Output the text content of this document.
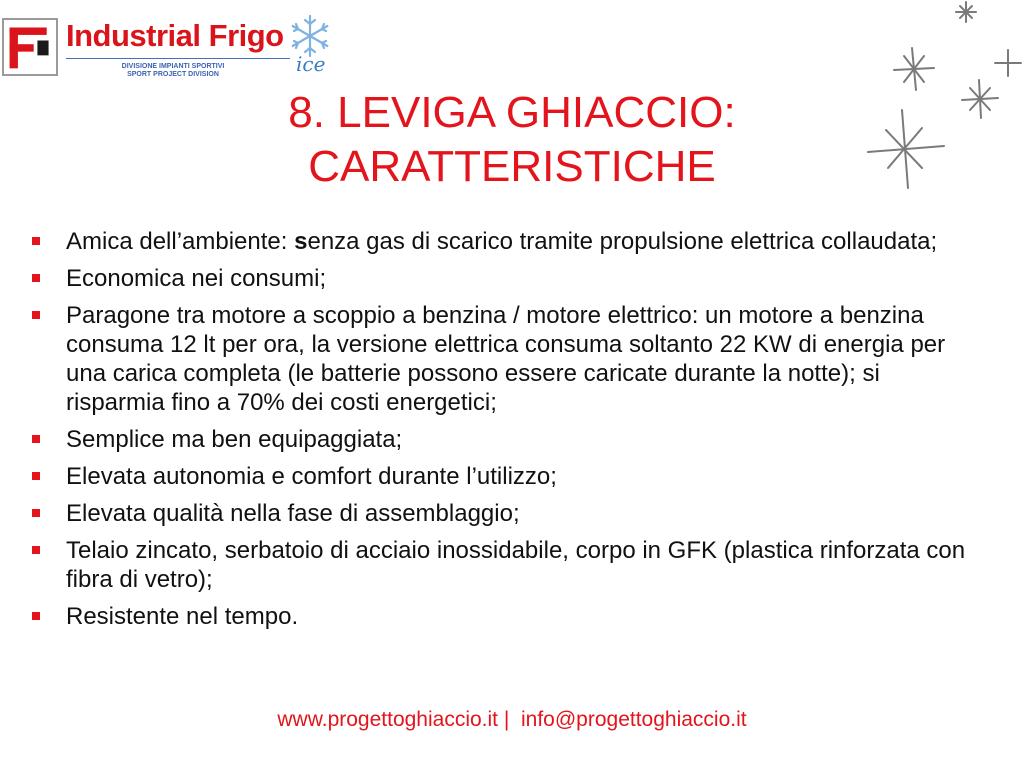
Industrial Frigo
DIVISIONE IMPIANTI SPORTIVI
SPORT PROJECT DIVISION	ice
8. LEVIGA GHIACCIO:
CARATTERISTICHE
Amica dell’ambiente: senza gas di scarico tramite propulsione elettrica collaudata;
Economica nei consumi;
Paragone tra motore a scoppio a benzina / motore elettrico: un motore a benzina consuma 12 lt per ora, la versione elettrica consuma soltanto 22 KW di energia per una carica completa (le batterie possono essere caricate durante la notte); si risparmia fino a 70% dei costi energetici;
Semplice ma ben equipaggiata;
Elevata autonomia e comfort durante l’utilizzo;
Elevata qualità nella fase di assemblaggio;
Telaio zincato, serbatoio di acciaio inossidabile, corpo in GFK (plastica rinforzata con fibra di vetro);
Resistente nel tempo.
www.progettoghiaccio.it |  info@progettoghiaccio.it
